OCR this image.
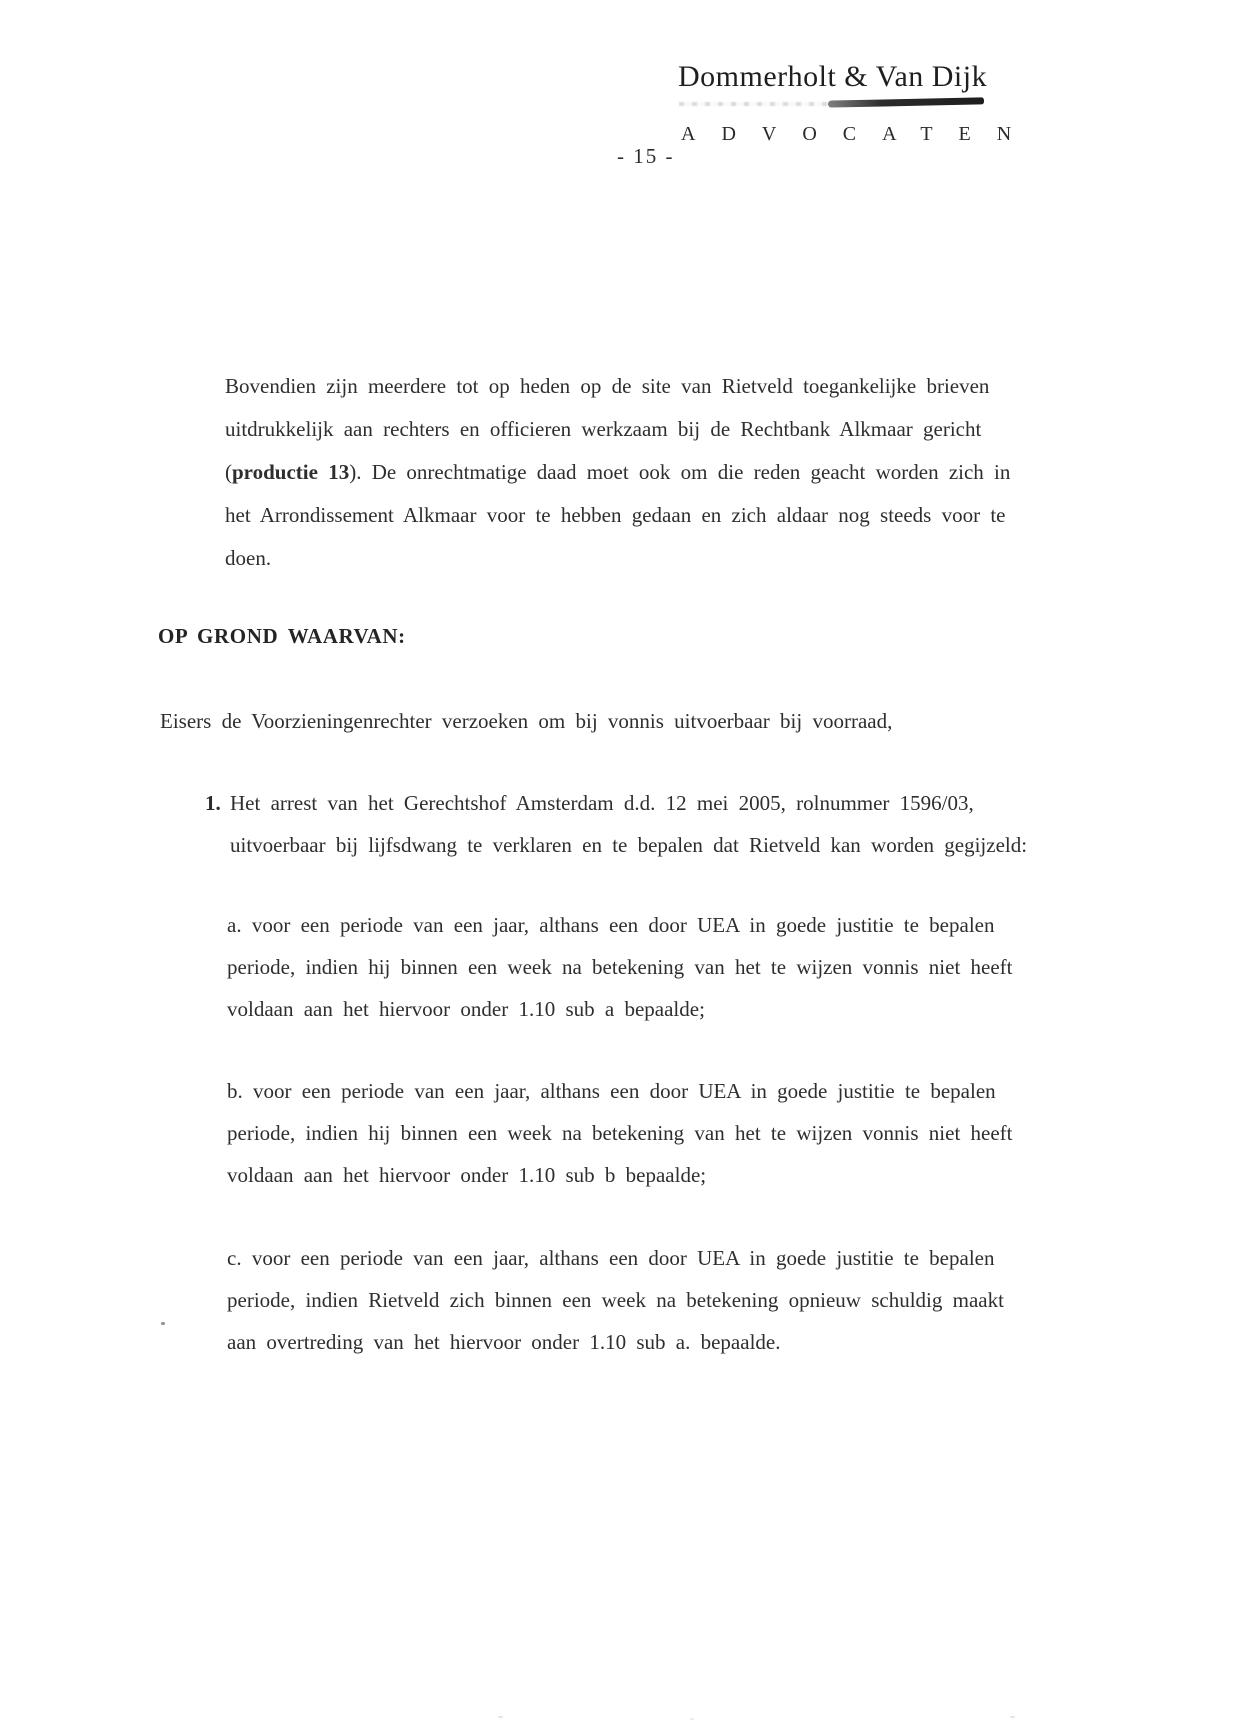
Dommerholt & Van Dijk
ADVOCATEN
- 15 -
Bovendien zijn meerdere tot op heden op de site van Rietveld toegankelijke brieven
uitdrukkelijk aan rechters en officieren werkzaam bij de Rechtbank Alkmaar gericht
(productie 13). De onrechtmatige daad moet ook om die reden geacht worden zich in
het Arrondissement Alkmaar voor te hebben gedaan en zich aldaar nog steeds voor te
doen.
OP GROND WAARVAN:
Eisers de Voorzieningenrechter verzoeken om bij vonnis uitvoerbaar bij voorraad,
1. Het arrest van het Gerechtshof Amsterdam d.d. 12 mei 2005, rolnummer 1596/03,
uitvoerbaar bij lijfsdwang te verklaren en te bepalen dat Rietveld kan worden gegijzeld:
a. voor een periode van een jaar, althans een door UEA in goede justitie te bepalen
periode, indien hij binnen een week na betekening van het te wijzen vonnis niet heeft
voldaan aan het hiervoor onder 1.10 sub a bepaalde;
b. voor een periode van een jaar, althans een door UEA in goede justitie te bepalen
periode, indien hij binnen een week na betekening van het te wijzen vonnis niet heeft
voldaan aan het hiervoor onder 1.10 sub b bepaalde;
c. voor een periode van een jaar, althans een door UEA in goede justitie te bepalen
periode, indien Rietveld zich binnen een week na betekening opnieuw schuldig maakt
aan overtreding van het hiervoor onder 1.10 sub a. bepaalde.
